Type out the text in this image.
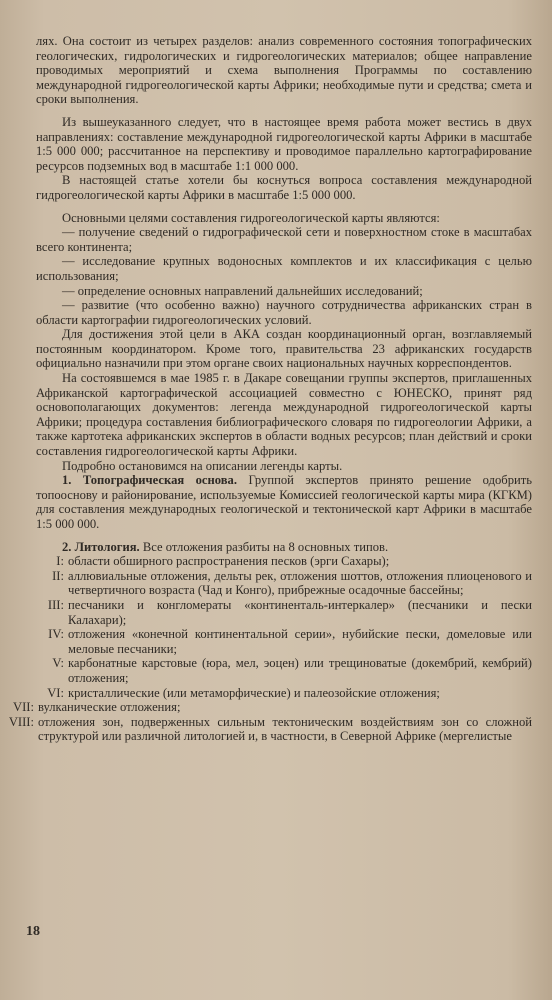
лях. Она состоит из четырех разделов: анализ современного состояния топографических геологических, гидрологических и гидрогеологических материалов; общее направление проводимых мероприятий и схема выполнения Программы по составлению международной гидрогеологической карты Африки; необходимые пути и средства; смета и сроки выполнения.

Из вышеуказанного следует, что в настоящее время работа может вестись в двух направлениях: составление международной гидрогеологической карты Африки в масштабе 1:5 000 000; рассчитанное на перспективу и проводимое параллельно картографирование ресурсов подземных вод в масштабе 1:1 000 000.

В настоящей статье хотели бы коснуться вопроса составления международной гидрогеологической карты Африки в масштабе 1:5 000 000.

Основными целями составления гидрогеологической карты являются:

— получение сведений о гидрографической сети и поверхностном стоке в масштабах всего континента;

— исследование крупных водоносных комплектов и их классификация с целью использования;

— определение основных направлений дальнейших исследований;

— развитие (что особенно важно) научного сотрудничества африканских стран в области картографии гидрогеологических условий.

Для достижения этой цели в АКА создан координационный орган, возглавляемый постоянным координатором. Кроме того, правительства 23 африканских государств официально назначили при этом органе своих национальных научных корреспондентов.

На состоявшемся в мае 1985 г. в Дакаре совещании группы экспертов, приглашенных Африканской картографической ассоциацией совместно с ЮНЕСКО, принят ряд основополагающих документов: легенда международной гидрогеологической карты Африки; процедура составления библиографического словаря по гидрогеологии Африки, а также картотека африканских экспертов в области водных ресурсов; план действий и сроки составления гидрогеологической карты Африки.

Подробно остановимся на описании легенды карты.

1. Топографическая основа. Группой экспертов принято решение одобрить топооснову и районирование, используемые Комиссией геологической карты мира (КГКМ) для составления международных геологической и тектонической карт Африки в масштабе 1:5 000 000.

2. Литология. Все отложения разбиты на 8 основных типов.

I: области обширного распространения песков (эрги Сахары);
II: аллювиальные отложения, дельты рек, отложения шоттов, отложения плиоценового и четвертичного возраста (Чад и Конго), прибрежные осадочные бассейны;
III: песчаники и конгломераты «континенталь-интеркалер» (песчаники и пески Калахари);
IV: отложения «конечной континентальной серии», нубийские пески, домеловые или меловые песчаники;
V: карбонатные карстовые (юра, мел, эоцен) или трещиноватые (докембрий, кембрий) отложения;
VI: кристаллические (или метаморфические) и палеозойские отложения;
VII: вулканические отложения;
VIII: отложения зон, подверженных сильным тектоническим воздействиям зон со сложной структурой или различной литологией и, в частности, в Северной Африке (мергелистые
18
